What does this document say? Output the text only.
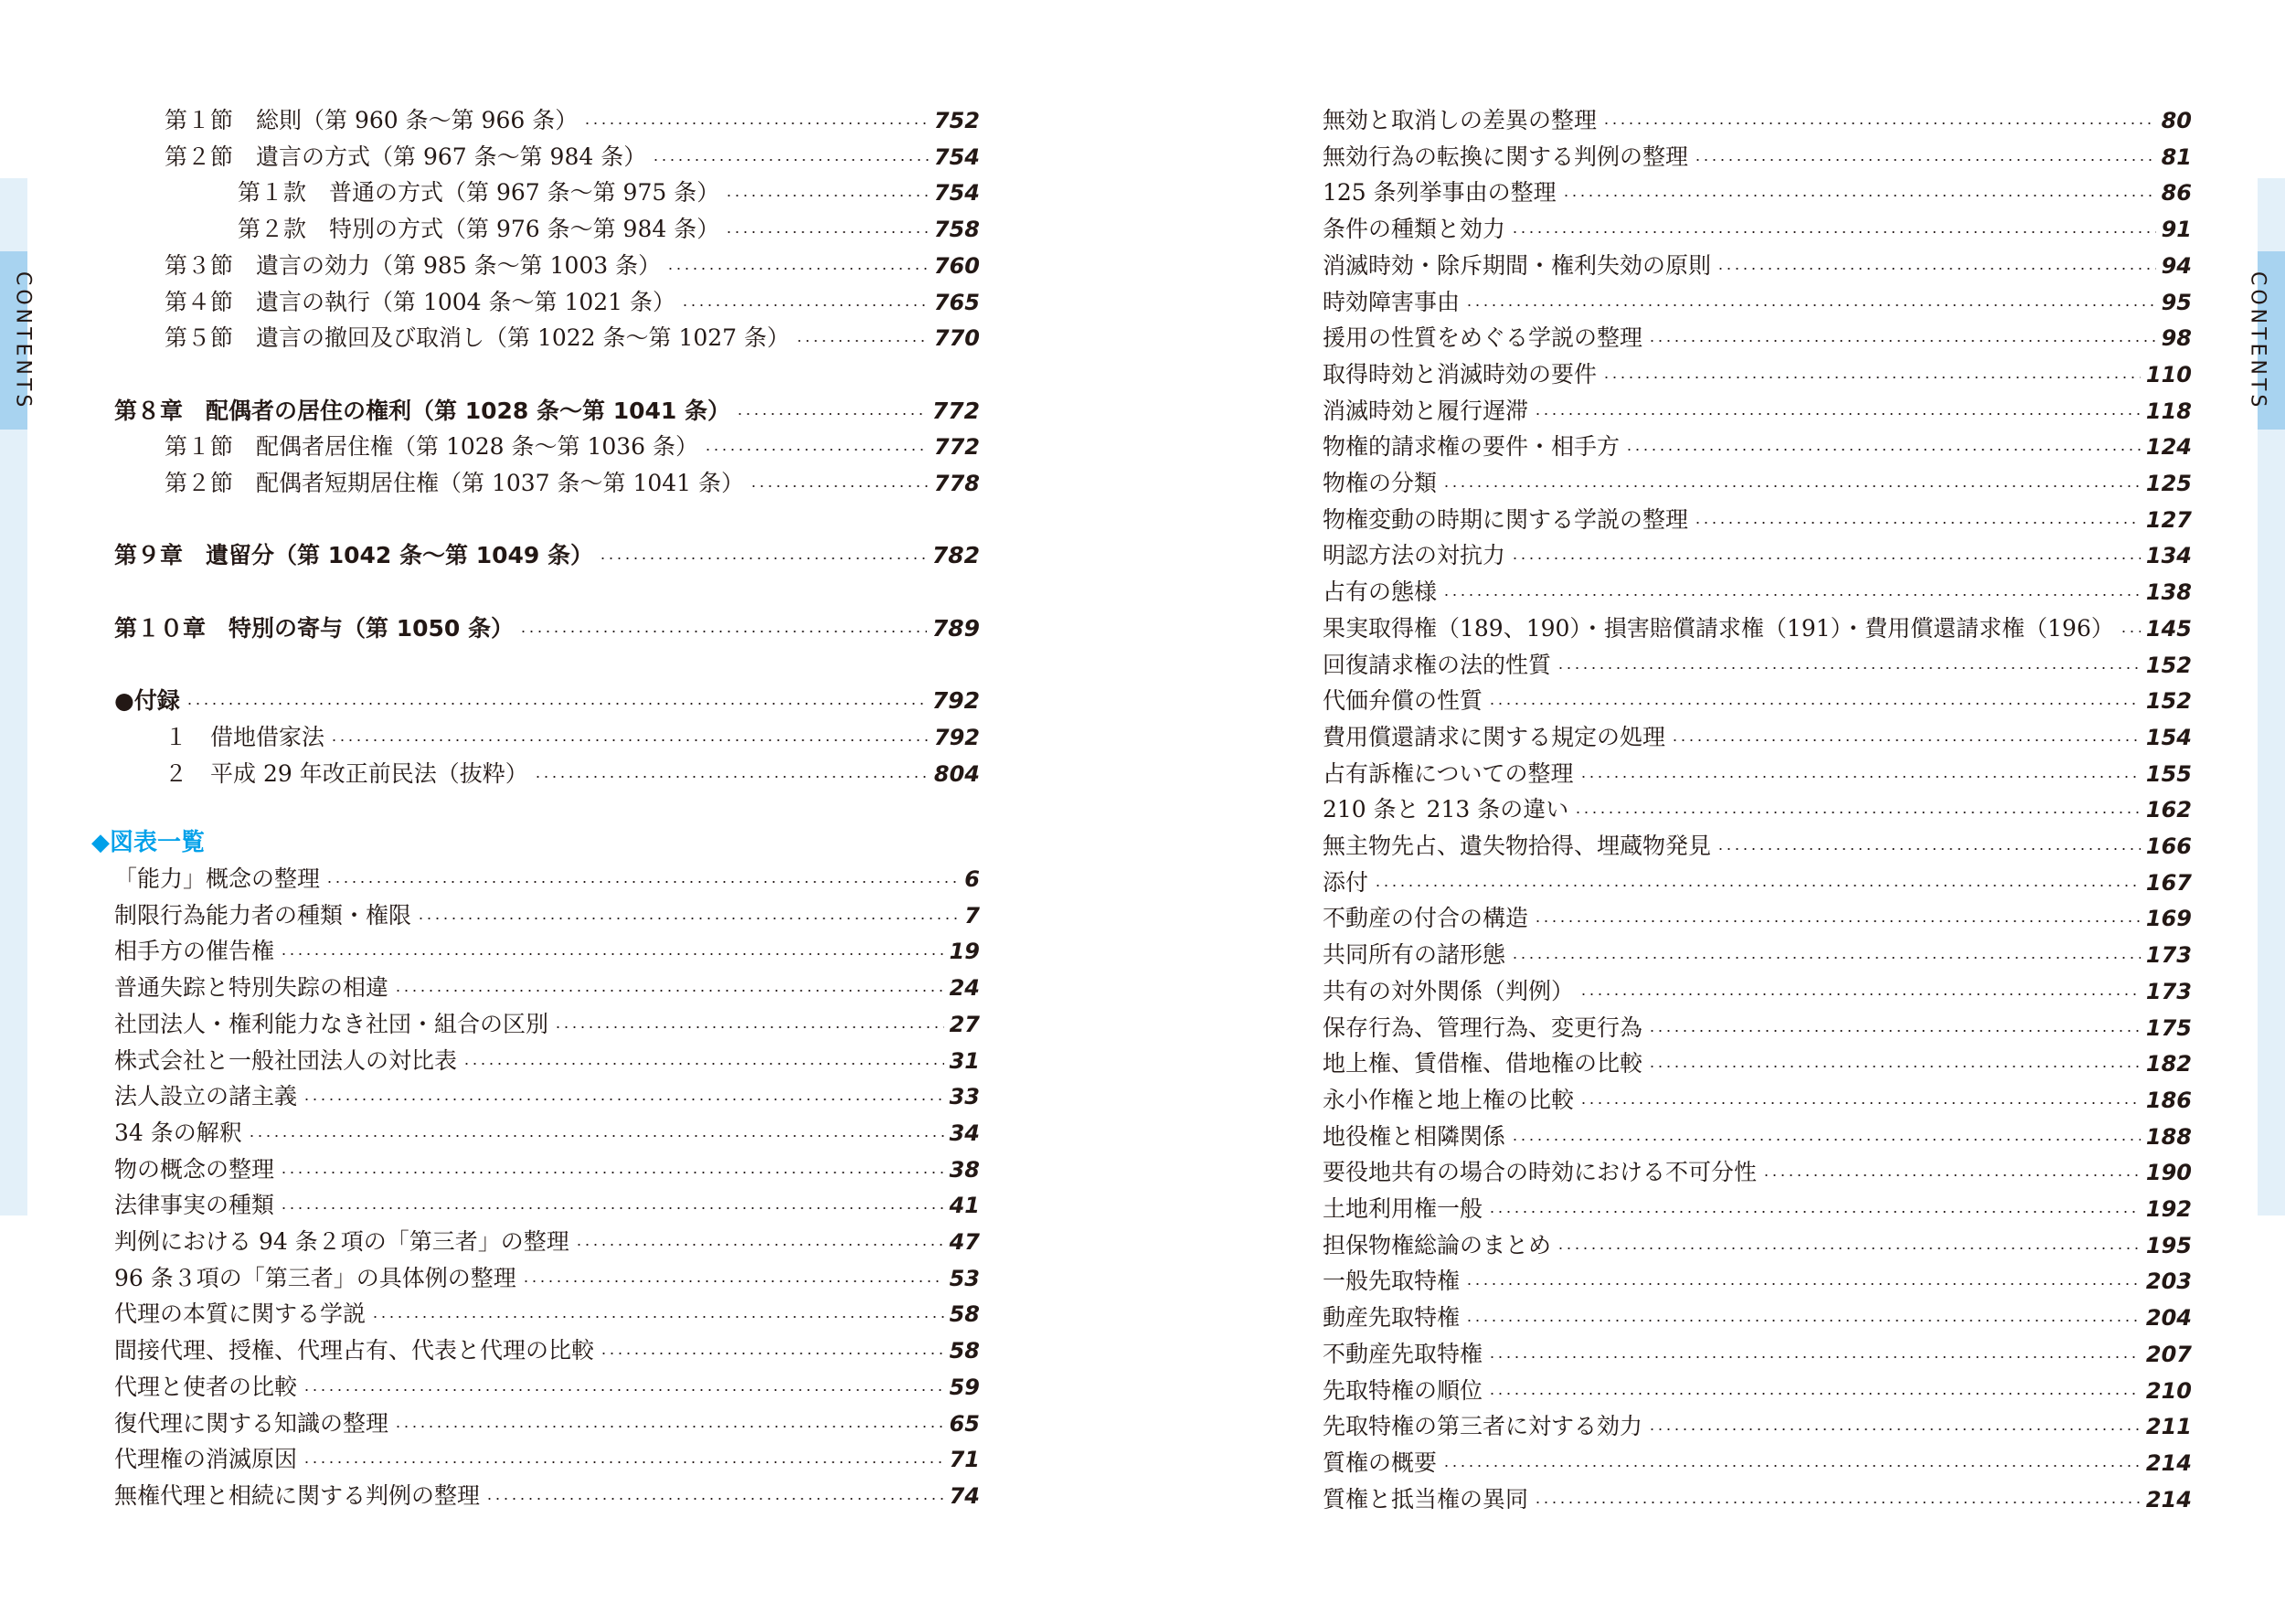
CONTENTS
第１節　総則（第 960 条～第 966 条）	752
第２節　遺言の方式（第 967 条～第 984 条）	754
第１款　普通の方式（第 967 条～第 975 条）	754
第２款　特別の方式（第 976 条～第 984 条）	758
第３節　遺言の効力（第 985 条～第 1003 条）	760
第４節　遺言の執行（第 1004 条～第 1021 条）	765
第５節　遺言の撤回及び取消し（第 1022 条～第 1027 条）	770
第８章　配偶者の居住の権利（第 1028 条～第 1041 条）	772
第１節　配偶者居住権（第 1028 条～第 1036 条）	772
第２節　配偶者短期居住権（第 1037 条～第 1041 条）	778
第９章　遺留分（第 1042 条～第 1049 条）	782
第１０章　特別の寄与（第 1050 条）	789
●付録	792
１　借地借家法	792
２　平成 29 年改正前民法（抜粋）	804
◆図表一覧
「能力」概念の整理	6
制限行為能力者の種類・権限	7
相手方の催告権	19
普通失踪と特別失踪の相違	24
社団法人・権利能力なき社団・組合の区別	27
株式会社と一般社団法人の対比表	31
法人設立の諸主義	33
34 条の解釈	34
物の概念の整理	38
法律事実の種類	41
判例における 94 条２項の「第三者」の整理	47
96 条３項の「第三者」の具体例の整理	53
代理の本質に関する学説	58
間接代理、授権、代理占有、代表と代理の比較	58
代理と使者の比較	59
復代理に関する知識の整理	65
代理権の消滅原因	71
無権代理と相続に関する判例の整理	74
CONTENTS
無効と取消しの差異の整理	80
無効行為の転換に関する判例の整理	81
125 条列挙事由の整理	86
条件の種類と効力	91
消滅時効・除斥期間・権利失効の原則	94
時効障害事由	95
援用の性質をめぐる学説の整理	98
取得時効と消滅時効の要件	110
消滅時効と履行遅滞	118
物権的請求権の要件・相手方	124
物権の分類	125
物権変動の時期に関する学説の整理	127
明認方法の対抗力	134
占有の態様	138
果実取得権（189、190）・損害賠償請求権（191）・費用償還請求権（196） 145
回復請求権の法的性質	152
代価弁償の性質	152
費用償還請求に関する規定の処理	154
占有訴権についての整理	155
210 条と 213 条の違い	162
無主物先占、遺失物拾得、埋蔵物発見	166
添付	167
不動産の付合の構造	169
共同所有の諸形態	173
共有の対外関係（判例）	173
保存行為、管理行為、変更行為	175
地上権、賃借権、借地権の比較	182
永小作権と地上権の比較	186
地役権と相隣関係	188
要役地共有の場合の時効における不可分性	190
土地利用権一般	192
担保物権総論のまとめ	195
一般先取特権	203
動産先取特権	204
不動産先取特権	207
先取特権の順位	210
先取特権の第三者に対する効力	211
質権の概要	214
質権と抵当権の異同	214
